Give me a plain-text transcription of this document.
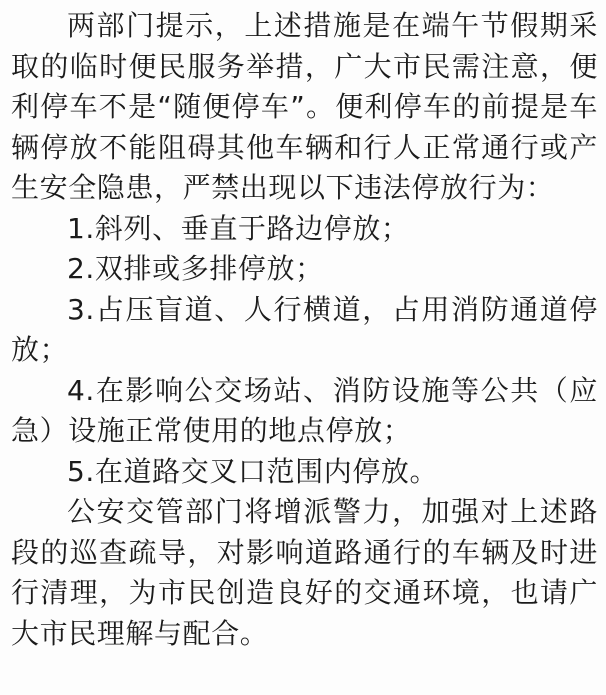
两部门提示，上述措施是在端午节假期采取的临时便民服务举措，广大市民需注意，便利停车不是“随便停车”。便利停车的前提是车辆停放不能阻碍其他车辆和行人正常通行或产生安全隐患，严禁出现以下违法停放行为：

1.斜列、垂直于路边停放；

2.双排或多排停放；

3.占压盲道、人行横道，占用消防通道停放；

4.在影响公交场站、消防设施等公共（应急）设施正常使用的地点停放；

5.在道路交叉口范围内停放。

公安交管部门将增派警力，加强对上述路段的巡查疏导，对影响道路通行的车辆及时进行清理，为市民创造良好的交通环境，也请广大市民理解与配合。
